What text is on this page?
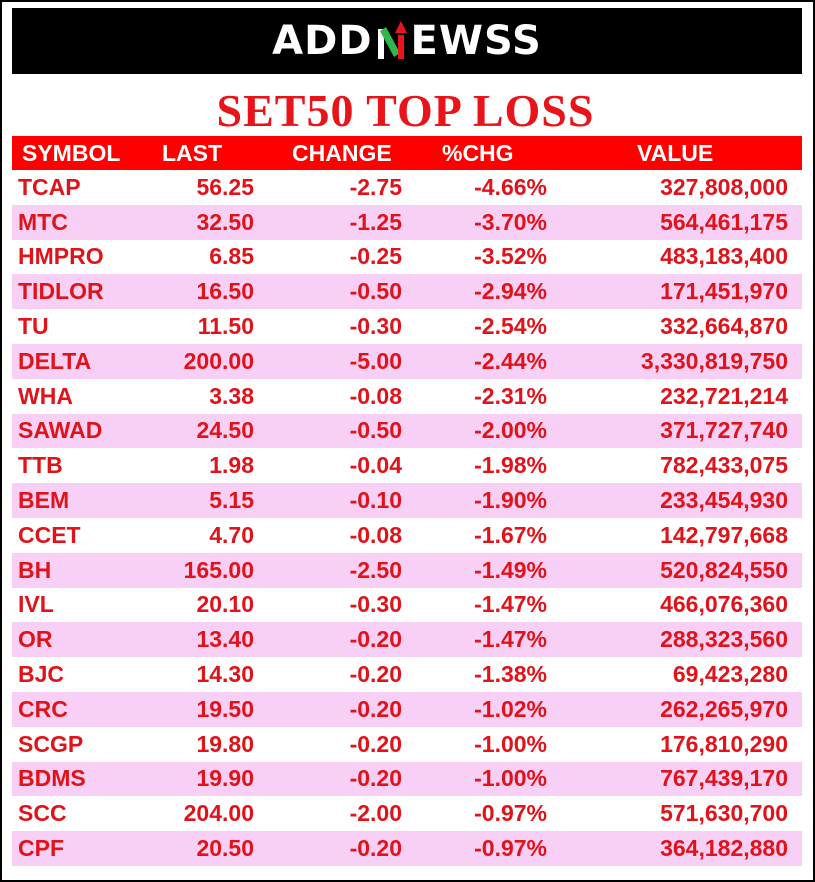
ADD EWSS
SET50 TOP LOSS
SYMBOL	LAST	CHANGE	%CHG	VALUE
TCAP	56.25	-2.75	-4.66%	327,808,000
MTC	32.50	-1.25	-3.70%	564,461,175
HMPRO	6.85	-0.25	-3.52%	483,183,400
TIDLOR	16.50	-0.50	-2.94%	171,451,970
TU	11.50	-0.30	-2.54%	332,664,870
DELTA	200.00	-5.00	-2.44%	3,330,819,750
WHA	3.38	-0.08	-2.31%	232,721,214
SAWAD	24.50	-0.50	-2.00%	371,727,740
TTB	1.98	-0.04	-1.98%	782,433,075
BEM	5.15	-0.10	-1.90%	233,454,930
CCET	4.70	-0.08	-1.67%	142,797,668
BH	165.00	-2.50	-1.49%	520,824,550
IVL	20.10	-0.30	-1.47%	466,076,360
OR	13.40	-0.20	-1.47%	288,323,560
BJC	14.30	-0.20	-1.38%	69,423,280
CRC	19.50	-0.20	-1.02%	262,265,970
SCGP	19.80	-0.20	-1.00%	176,810,290
BDMS	19.90	-0.20	-1.00%	767,439,170
SCC	204.00	-2.00	-0.97%	571,630,700
CPF	20.50	-0.20	-0.97%	364,182,880
